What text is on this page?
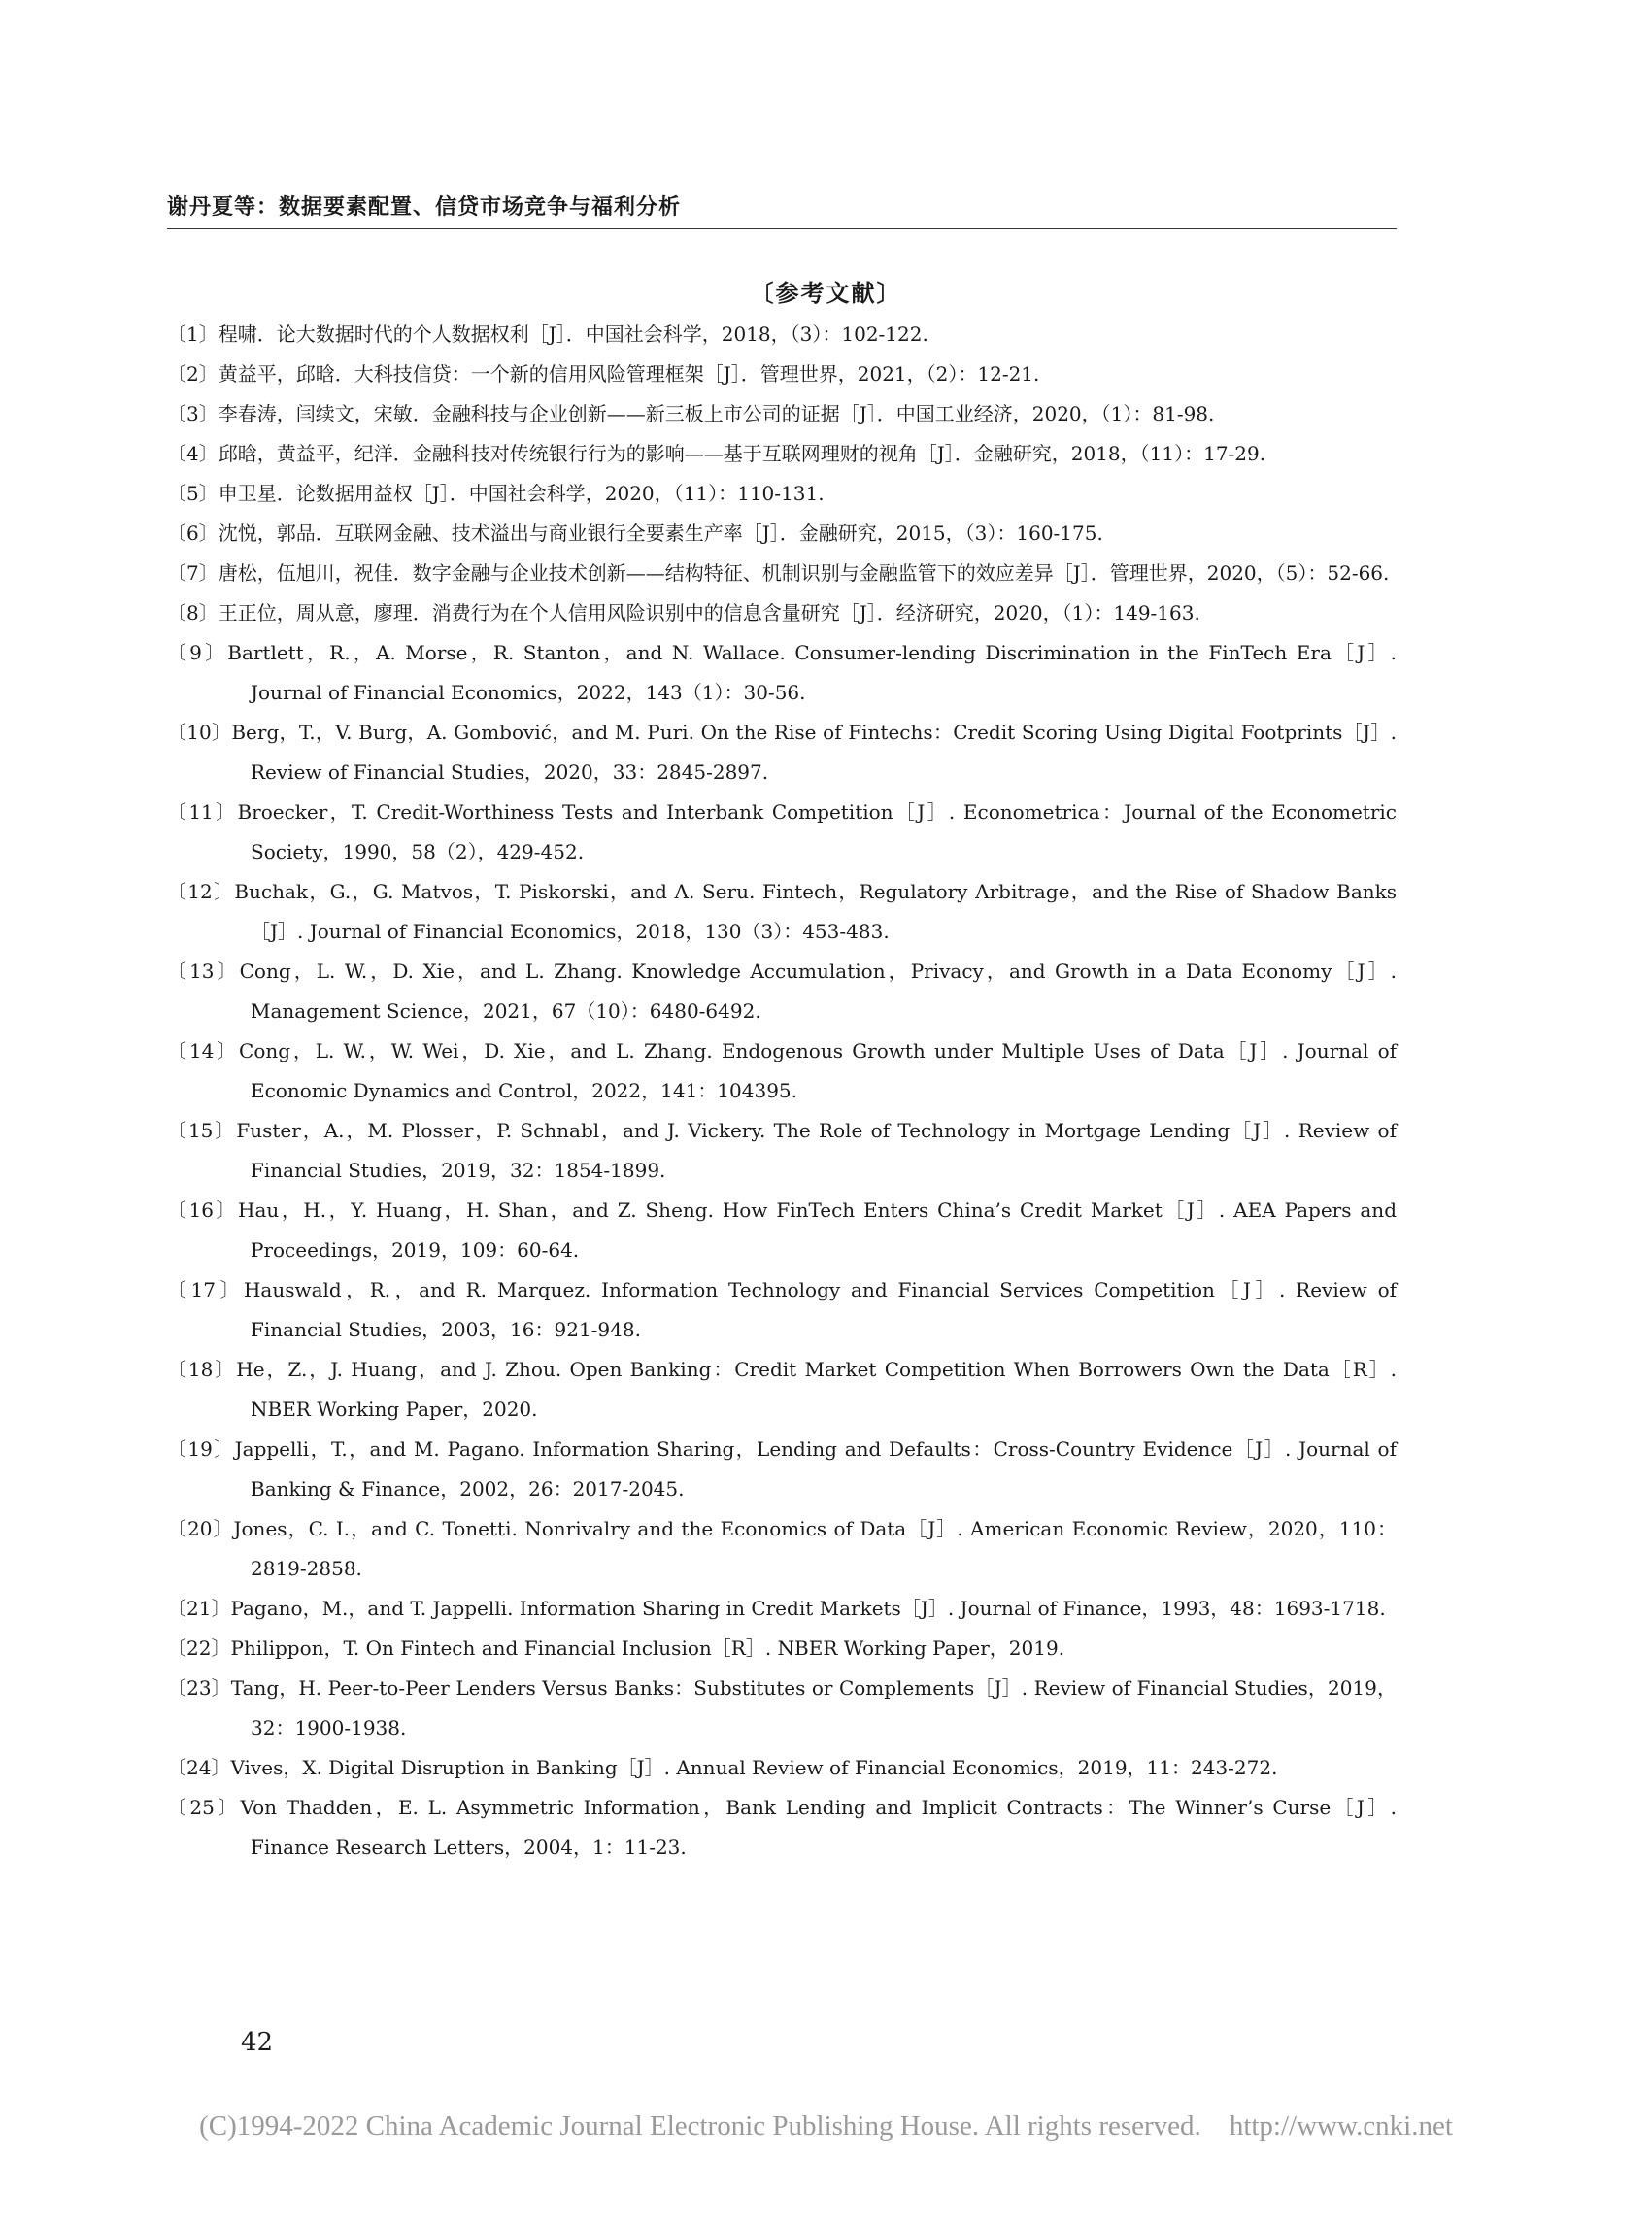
谢丹夏等：数据要素配置、信贷市场竞争与福利分析
〔参考文献〕
〔1〕程啸．论大数据时代的个人数据权利［J］．中国社会科学，2018，（3）：102-122.
〔2〕黄益平，邱晗．大科技信贷：一个新的信用风险管理框架［J］．管理世界，2021，（2）：12-21.
〔3〕李春涛，闫续文，宋敏．金融科技与企业创新——新三板上市公司的证据［J］．中国工业经济，2020，（1）：81-98.
〔4〕邱晗，黄益平，纪洋．金融科技对传统银行行为的影响——基于互联网理财的视角［J］．金融研究，2018，（11）：17-29.
〔5〕申卫星．论数据用益权［J］．中国社会科学，2020，（11）：110-131.
〔6〕沈悦，郭品．互联网金融、技术溢出与商业银行全要素生产率［J］．金融研究，2015，（3）：160-175.
〔7〕唐松，伍旭川，祝佳．数字金融与企业技术创新——结构特征、机制识别与金融监管下的效应差异［J］．管理世界，2020，（5）：52-66.
〔8〕王正位，周从意，廖理．消费行为在个人信用风险识别中的信息含量研究［J］．经济研究，2020，（1）：149-163.
〔9〕Bartlett，R.，A. Morse，R. Stanton，and N. Wallace. Consumer-lending Discrimination in the FinTech Era［J］. Journal of Financial Economics，2022，143（1）：30-56.
〔10〕Berg，T.，V. Burg，A. Gombović，and M. Puri. On the Rise of Fintechs：Credit Scoring Using Digital Footprints［J］. Review of Financial Studies，2020，33：2845-2897.
〔11〕Broecker，T. Credit-Worthiness Tests and Interbank Competition［J］. Econometrica：Journal of the Econometric Society，1990，58（2），429-452.
〔12〕Buchak，G.，G. Matvos，T. Piskorski，and A. Seru. Fintech，Regulatory Arbitrage，and the Rise of Shadow Banks［J］. Journal of Financial Economics，2018，130（3）：453-483.
〔13〕Cong，L. W.，D. Xie，and L. Zhang. Knowledge Accumulation，Privacy，and Growth in a Data Economy［J］. Management Science，2021，67（10）：6480-6492.
〔14〕Cong，L. W.，W. Wei，D. Xie，and L. Zhang. Endogenous Growth under Multiple Uses of Data［J］. Journal of Economic Dynamics and Control，2022，141：104395.
〔15〕Fuster，A.，M. Plosser，P. Schnabl，and J. Vickery. The Role of Technology in Mortgage Lending［J］. Review of Financial Studies，2019，32：1854-1899.
〔16〕Hau，H.，Y. Huang，H. Shan，and Z. Sheng. How FinTech Enters China’s Credit Market［J］. AEA Papers and Proceedings，2019，109：60-64.
〔17〕Hauswald，R.，and R. Marquez. Information Technology and Financial Services Competition［J］. Review of Financial Studies，2003，16：921-948.
〔18〕He，Z.，J. Huang，and J. Zhou. Open Banking：Credit Market Competition When Borrowers Own the Data［R］. NBER Working Paper，2020.
〔19〕Jappelli，T.，and M. Pagano. Information Sharing，Lending and Defaults：Cross-Country Evidence［J］. Journal of Banking & Finance，2002，26：2017-2045.
〔20〕Jones，C. I.，and C. Tonetti. Nonrivalry and the Economics of Data［J］. American Economic Review，2020，110：2819-2858.
〔21〕Pagano，M.，and T. Jappelli. Information Sharing in Credit Markets［J］. Journal of Finance，1993，48：1693-1718.
〔22〕Philippon，T. On Fintech and Financial Inclusion［R］. NBER Working Paper，2019.
〔23〕Tang，H. Peer-to-Peer Lenders Versus Banks：Substitutes or Complements［J］. Review of Financial Studies，2019，32：1900-1938.
〔24〕Vives，X. Digital Disruption in Banking［J］. Annual Review of Financial Economics，2019，11：243-272.
〔25〕Von Thadden，E. L. Asymmetric Information，Bank Lending and Implicit Contracts：The Winner’s Curse［J］. Finance Research Letters，2004，1：11-23.
42
(C)1994-2022 China Academic Journal Electronic Publishing House. All rights reserved. http://www.cnki.net
